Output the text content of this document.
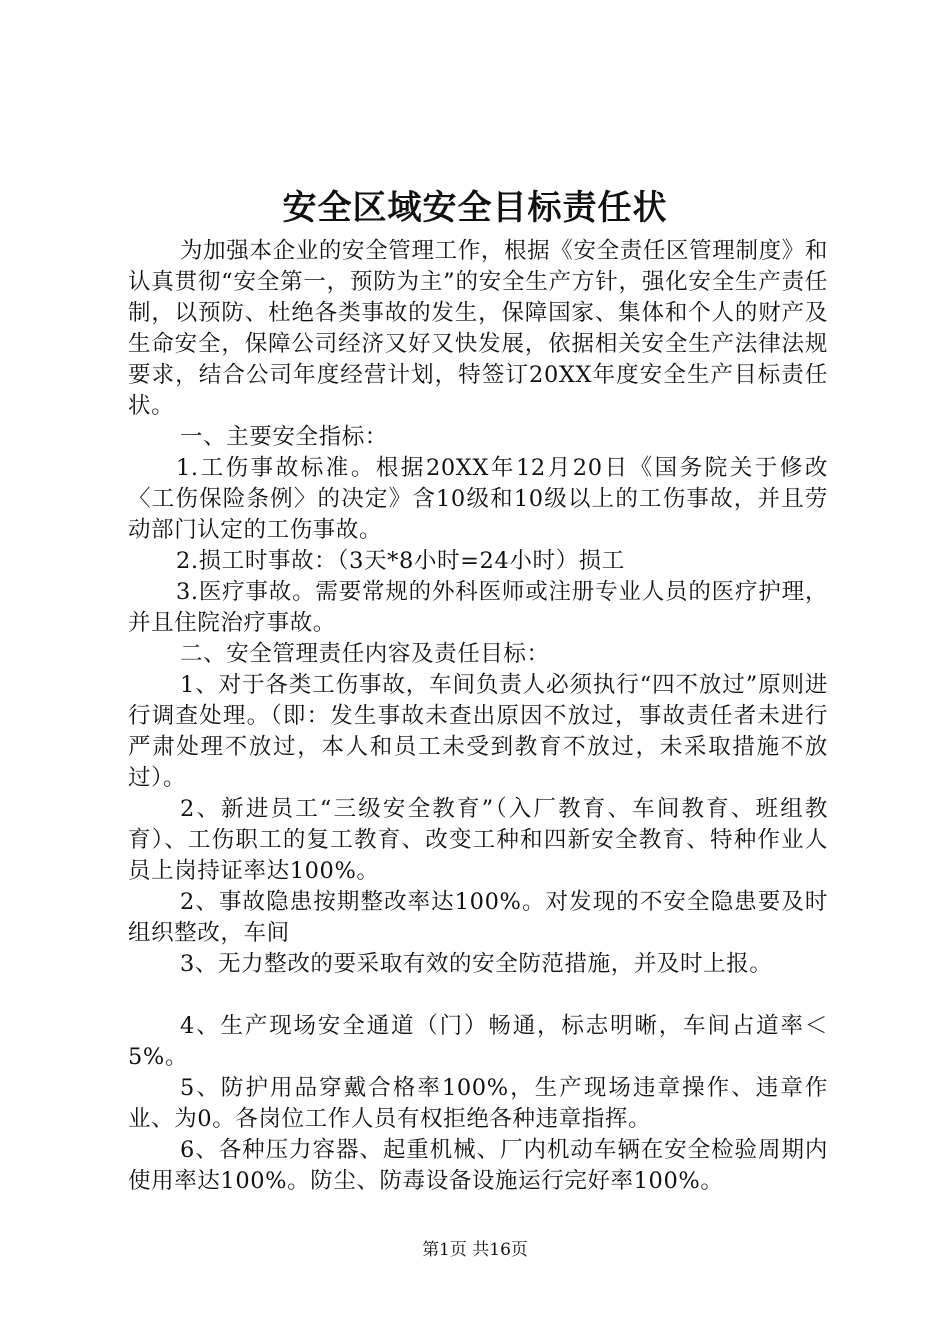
安全区域安全目标责任状

为加强本企业的安全管理工作，根据《安全责任区管理制度》和认真贯彻“安全第一，预防为主”的安全生产方针，强化安全生产责任制，以预防、杜绝各类事故的发生，保障国家、集体和个人的财产及生命安全，保障公司经济又好又快发展，依据相关安全生产法律法规要求，结合公司年度经营计划，特签订20XX年度安全生产目标责任状。

一、主要安全指标：

1.工伤事故标准。根据20XX年12月20日《国务院关于修改〈工伤保险条例〉的决定》含10级和10级以上的工伤事故，并且劳动部门认定的工伤事故。

2.损工时事故：（3天*8小时=24小时）损工

3.医疗事故。需要常规的外科医师或注册专业人员的医疗护理，并且住院治疗事故。

二、安全管理责任内容及责任目标：

1、对于各类工伤事故，车间负责人必须执行“四不放过”原则进行调查处理。（即：发生事故未查出原因不放过，事故责任者未进行严肃处理不放过，本人和员工未受到教育不放过，未采取措施不放过）。

2、新进员工“三级安全教育”（入厂教育、车间教育、班组教育）、工伤职工的复工教育、改变工种和四新安全教育、特种作业人员上岗持证率达100%。

2、事故隐患按期整改率达100%。对发现的不安全隐患要及时组织整改，车间

3、无力整改的要采取有效的安全防范措施，并及时上报。

4、生产现场安全通道（门）畅通，标志明晰，车间占道率＜5%。

5、防护用品穿戴合格率100%，生产现场违章操作、违章作业、为0。各岗位工作人员有权拒绝各种违章指挥。

6、各种压力容器、起重机械、厂内机动车辆在安全检验周期内使用率达100%。防尘、防毒设备设施运行完好率100%。

第1页 共16页
